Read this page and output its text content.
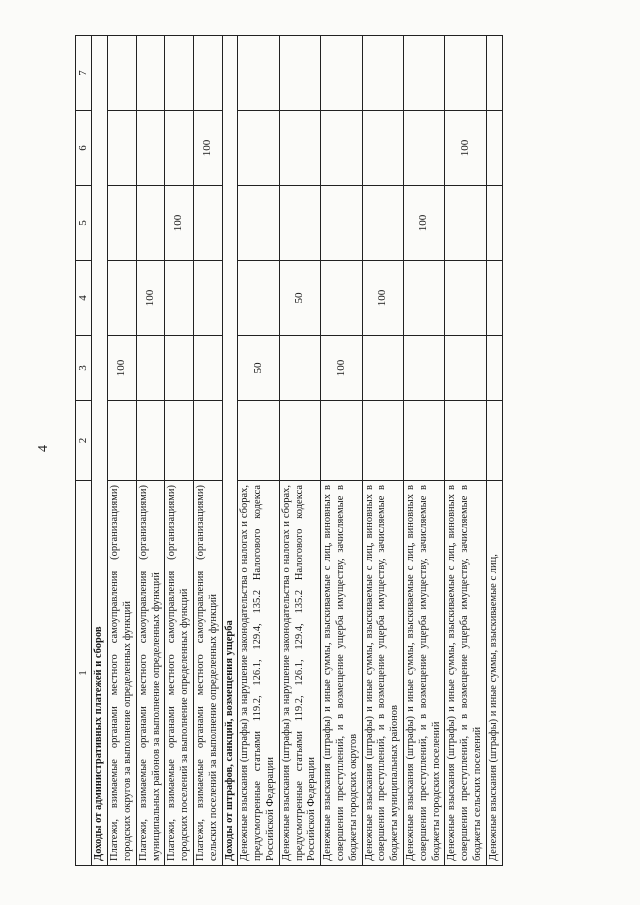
4
1	2	3	4	5	6	7
Доходы от административных платежей и сборов						
Платежи, взимаемые органами местного самоуправления (организациями) городских округов за выполнение определенных функций		100				
Платежи, взимаемые органами местного самоуправления (организациями) муниципальных районов за выполнение определенных функций			100			
Платежи, взимаемые органами местного самоуправления (организациями) городских поселений за выполнение определенных функций				100		
Платежи, взимаемые органами местного самоуправления (организациями) сельских поселений за выполнение определенных функций					100	
Доходы от штрафов, санкций, возмещения ущерба						
Денежные взыскания (штрафы) за нарушение законодательства о налогах и сборах, предусмотренные статьями 119.2, 126.1, 129.4, 135.2 Налогового кодекса Российской Федерации		50				
Денежные взыскания (штрафы) за нарушение законодательства о налогах и сборах, предусмотренные статьями 119.2, 126.1, 129.4, 135.2 Налогового кодекса Российской Федерации			50			
Денежные взыскания (штрафы) и иные суммы, взыскиваемые с лиц, виновных в совершении преступлений, и в возмещение ущерба имуществу, зачисляемые в бюджеты городских округов		100				
Денежные взыскания (штрафы) и иные суммы, взыскиваемые с лиц, виновных в совершении преступлений, и в возмещение ущерба имуществу, зачисляемые в бюджеты муниципальных районов			100			
Денежные взыскания (штрафы) и иные суммы, взыскиваемые с лиц, виновных в совершении преступлений, и в возмещение ущерба имуществу, зачисляемые в бюджеты городских поселений				100		
Денежные взыскания (штрафы) и иные суммы, взыскиваемые с лиц, виновных в совершении преступлений, и в возмещение ущерба имуществу, зачисляемые в бюджеты сельских поселений					100	
Денежные взыскания (штрафы) и иные суммы, взыскиваемые с лиц,						
